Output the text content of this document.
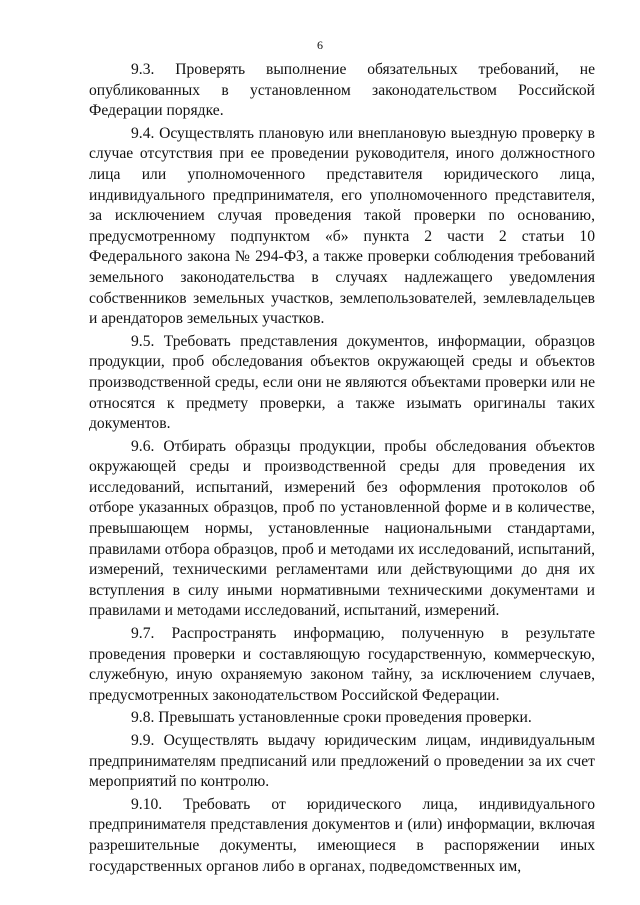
6

9.3. Проверять выполнение обязательных требований, не опубликованных в установленном законодательством Российской Федерации порядке.

9.4. Осуществлять плановую или внеплановую выездную проверку в случае отсутствия при ее проведении руководителя, иного должностного лица или уполномоченного представителя юридического лица, индивидуального предпринимателя, его уполномоченного представителя, за исключением случая проведения такой проверки по основанию, предусмотренному подпунктом «б» пункта 2 части 2 статьи 10 Федерального закона № 294-ФЗ, а также проверки соблюдения требований земельного законодательства в случаях надлежащего уведомления собственников земельных участков, землепользователей, землевладельцев и арендаторов земельных участков.

9.5. Требовать представления документов, информации, образцов продукции, проб обследования объектов окружающей среды и объектов производственной среды, если они не являются объектами проверки или не относятся к предмету проверки, а также изымать оригиналы таких документов.

9.6. Отбирать образцы продукции, пробы обследования объектов окружающей среды и производственной среды для проведения их исследований, испытаний, измерений без оформления протоколов об отборе указанных образцов, проб по установленной форме и в количестве, превышающем нормы, установленные национальными стандартами, правилами отбора образцов, проб и методами их исследований, испытаний, измерений, техническими регламентами или действующими до дня их вступления в силу иными нормативными техническими документами и правилами и методами исследований, испытаний, измерений.

9.7. Распространять информацию, полученную в результате проведения проверки и составляющую государственную, коммерческую, служебную, иную охраняемую законом тайну, за исключением случаев, предусмотренных законодательством Российской Федерации.

9.8. Превышать установленные сроки проведения проверки.

9.9. Осуществлять выдачу юридическим лицам, индивидуальным предпринимателям предписаний или предложений о проведении за их счет мероприятий по контролю.

9.10. Требовать от юридического лица, индивидуального предпринимателя представления документов и (или) информации, включая разрешительные документы, имеющиеся в распоряжении иных государственных органов либо в органах, подведомственных им,
